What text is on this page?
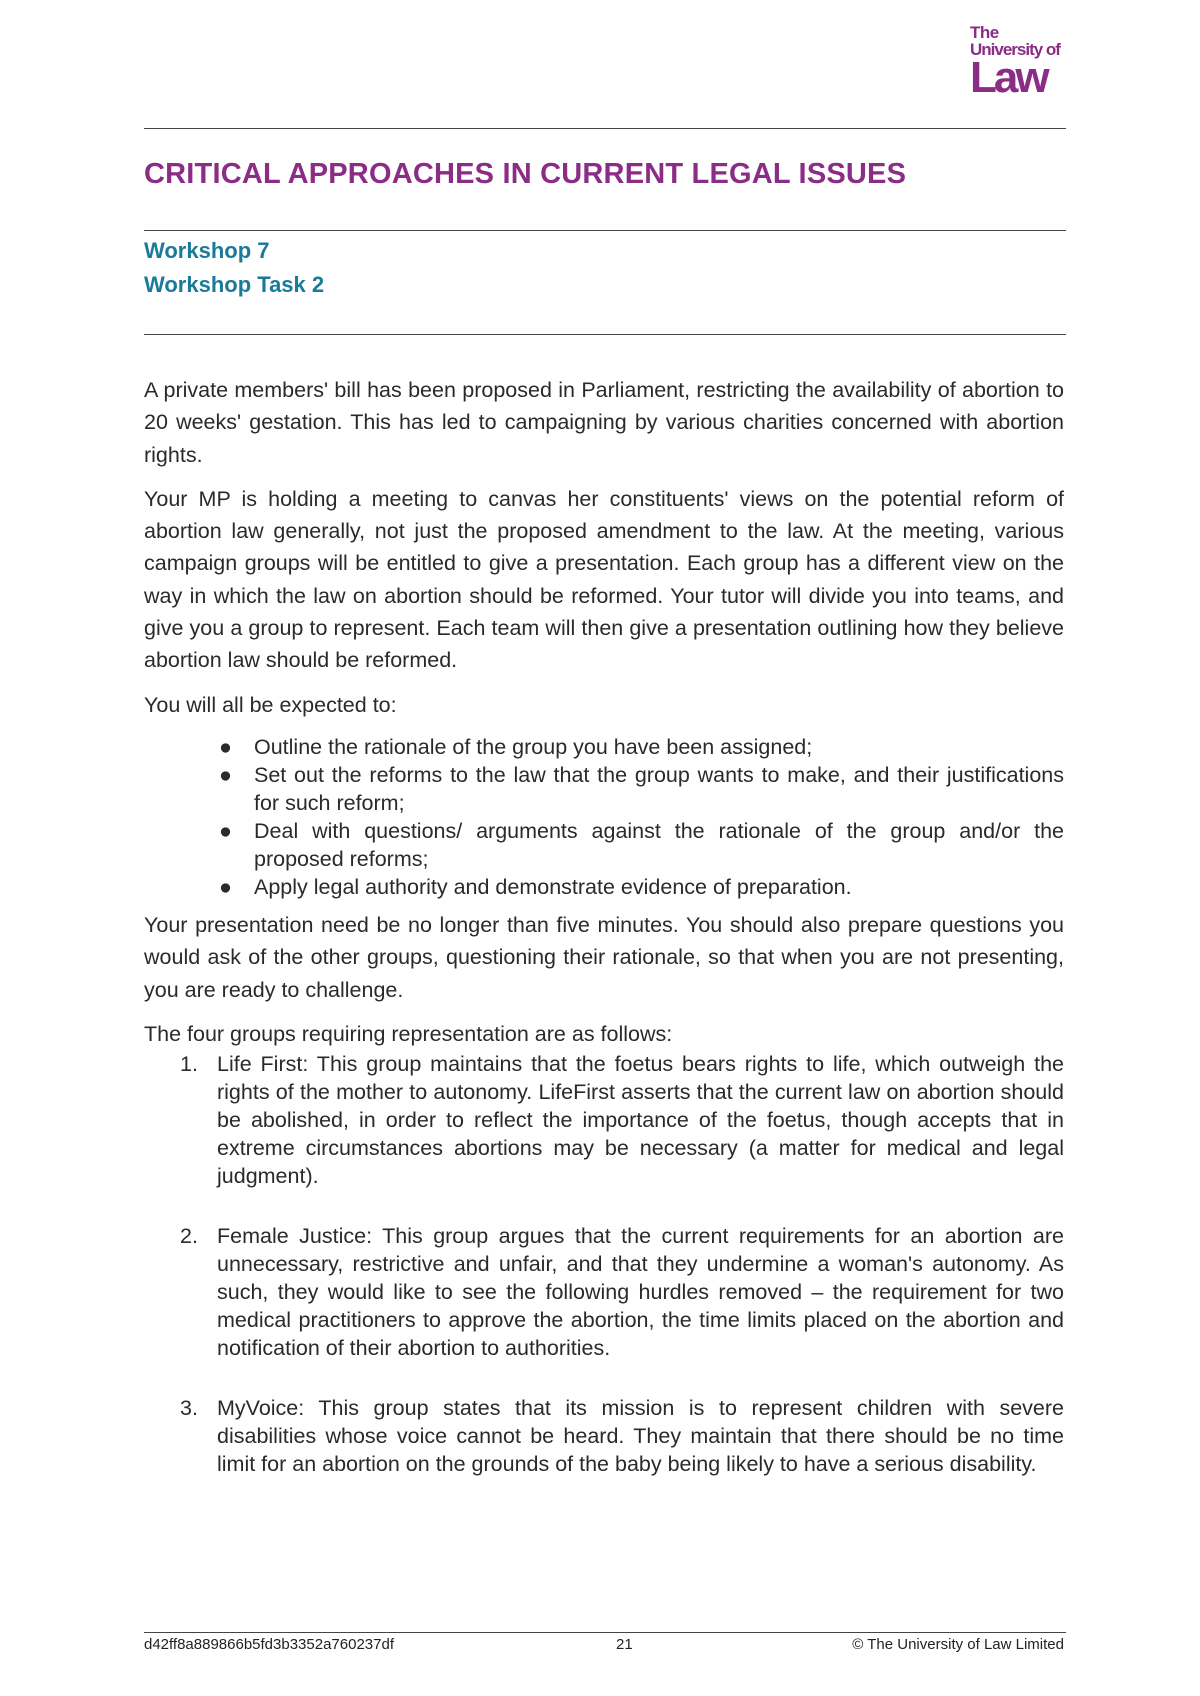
The
University of
Law
CRITICAL APPROACHES IN CURRENT LEGAL ISSUES
Workshop 7
Workshop Task 2

A private members' bill has been proposed in Parliament, restricting the availability of abortion to 20 weeks' gestation. This has led to campaigning by various charities concerned with abortion rights.

Your MP is holding a meeting to canvas her constituents' views on the potential reform of abortion law generally, not just the proposed amendment to the law. At the meeting, various campaign groups will be entitled to give a presentation. Each group has a different view on the way in which the law on abortion should be reformed. Your tutor will divide you into teams, and give you a group to represent. Each team will then give a presentation outlining how they believe abortion law should be reformed.

You will all be expected to:

● Outline the rationale of the group you have been assigned;
● Set out the reforms to the law that the group wants to make, and their justifications for such reform;
● Deal with questions/ arguments against the rationale of the group and/or the proposed reforms;
● Apply legal authority and demonstrate evidence of preparation.

Your presentation need be no longer than five minutes. You should also prepare questions you would ask of the other groups, questioning their rationale, so that when you are not presenting, you are ready to challenge.

The four groups requiring representation are as follows:

1. Life First: This group maintains that the foetus bears rights to life, which outweigh the rights of the mother to autonomy. LifeFirst asserts that the current law on abortion should be abolished, in order to reflect the importance of the foetus, though accepts that in extreme circumstances abortions may be necessary (a matter for medical and legal judgment).
2. Female Justice: This group argues that the current requirements for an abortion are unnecessary, restrictive and unfair, and that they undermine a woman's autonomy. As such, they would like to see the following hurdles removed – the requirement for two medical practitioners to approve the abortion, the time limits placed on the abortion and notification of their abortion to authorities.
3. MyVoice: This group states that its mission is to represent children with severe disabilities whose voice cannot be heard. They maintain that there should be no time limit for an abortion on the grounds of the baby being likely to have a serious disability.
d42ff8a889866b5fd3b3352a760237df	21	© The University of Law Limited
